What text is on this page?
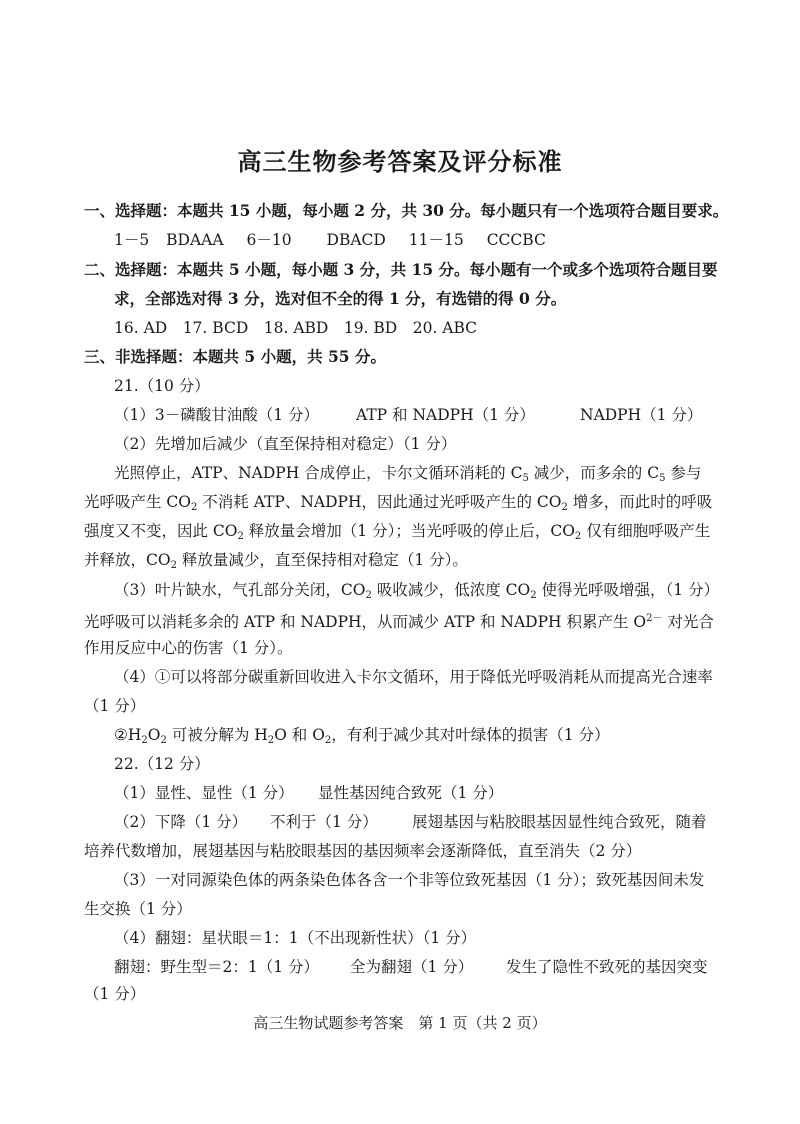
高三生物参考答案及评分标准
一、选择题：本题共 15 小题，每小题 2 分，共 30 分。每小题只有一个选项符合题目要求。
1－5 BDAAA 6－10 DBACD 11－15 CCCBC
二、选择题：本题共 5 小题，每小题 3 分，共 15 分。每小题有一个或多个选项符合题目要
求，全部选对得 3 分，选对但不全的得 1 分，有选错的得 0 分。
16. AD　17. BCD　18. ABD　19. BD　20. ABC
三、非选择题：本题共 5 小题，共 55 分。
21.（10 分）
（1）3－磷酸甘油酸（1 分） ATP 和 NADPH（1 分）	NADPH（1 分）
（2）先增加后减少（直至保持相对稳定）（1 分）
光照停止，ATP、NADPH 合成停止，卡尔文循环消耗的 $C_5$ 减少，而多余的 $C_5$ 参与
光呼吸产生 $CO_2$ 不消耗 ATP、NADPH，因此通过光呼吸产生的 $CO_2$ 增多，而此时的呼吸
强度又不变，因此 $CO_2$ 释放量会增加（1 分）；当光呼吸的停止后，$CO_2$ 仅有细胞呼吸产生
并释放，$CO_2$ 释放量减少，直至保持相对稳定（1 分）。
（3）叶片缺水，气孔部分关闭，$CO_2$ 吸收减少，低浓度 $CO_2$ 使得光呼吸增强，（1 分）
光呼吸可以消耗多余的 ATP 和 NADPH，从而减少 ATP 和 NADPH 积累产生 $O^{2-}$ 对光合
作用反应中心的伤害（1 分）。
（4）①可以将部分碳重新回收进入卡尔文循环，用于降低光呼吸消耗从而提高光合速率
（1 分）
$②H_2O_2$ 可被分解为 $H_2O$ 和 $O_2$，有利于减少其对叶绿体的损害（1 分）
22.（12 分）
（1）显性、显性（1 分） 显性基因纯合致死（1 分）
（2）下降（1 分） 不利于（1 分） 展翅基因与粘胶眼基因显性纯合致死，随着
培养代数增加，展翅基因与粘胶眼基因的基因频率会逐渐降低，直至消失（2 分）
（3）一对同源染色体的两条染色体各含一个非等位致死基因（1 分）；致死基因间未发
生交换（1 分）
（4）翻翅：星状眼＝1：1（不出现新性状）（1 分）
翻翅：野生型＝2：1（1 分） 全为翻翅（1 分） 发生了隐性不致死的基因突变
（1 分）
高三生物试题参考答案　第 1 页（共 2 页）
